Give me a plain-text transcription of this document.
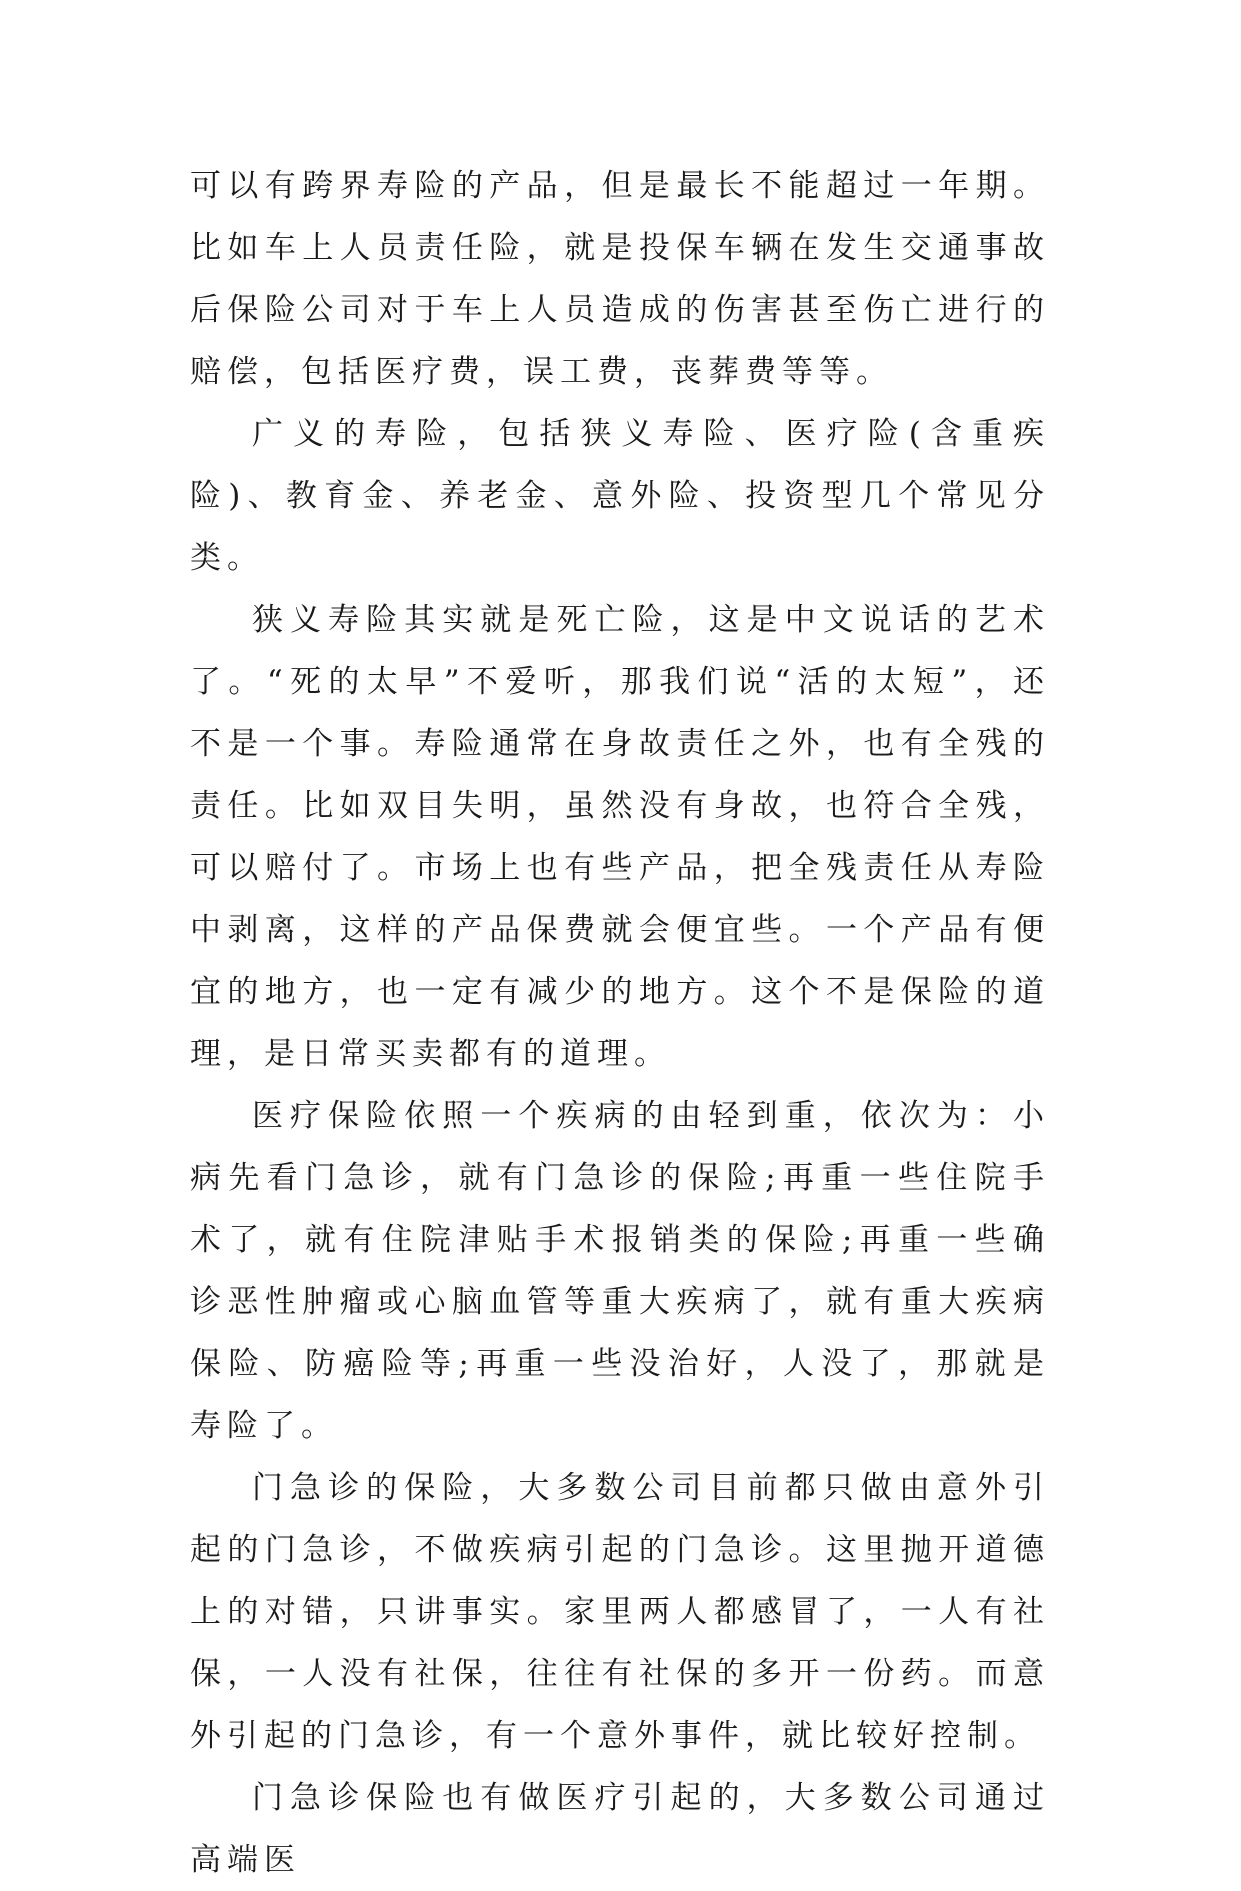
可以有跨界寿险的产品，但是最长不能超过一年期。比如车上人员责任险，就是投保车辆在发生交通事故后保险公司对于车上人员造成的伤害甚至伤亡进行的赔偿，包括医疗费，误工费，丧葬费等等。

广义的寿险，包括狭义寿险、医疗险(含重疾险)、教育金、养老金、意外险、投资型几个常见分类。

狭义寿险其实就是死亡险，这是中文说话的艺术了。“死的太早”不爱听，那我们说“活的太短”，还不是一个事。寿险通常在身故责任之外，也有全残的责任。比如双目失明，虽然没有身故，也符合全残，可以赔付了。市场上也有些产品，把全残责任从寿险中剥离，这样的产品保费就会便宜些。一个产品有便宜的地方，也一定有减少的地方。这个不是保险的道理，是日常买卖都有的道理。

医疗保险依照一个疾病的由轻到重，依次为：小病先看门急诊，就有门急诊的保险;再重一些住院手术了，就有住院津贴手术报销类的保险;再重一些确诊恶性肿瘤或心脑血管等重大疾病了，就有重大疾病保险、防癌险等;再重一些没治好，人没了，那就是寿险了。

门急诊的保险，大多数公司目前都只做由意外引起的门急诊，不做疾病引起的门急诊。这里抛开道德上的对错，只讲事实。家里两人都感冒了，一人有社保，一人没有社保，往往有社保的多开一份药。而意外引起的门急诊，有一个意外事件，就比较好控制。

门急诊保险也有做医疗引起的，大多数公司通过高端医
